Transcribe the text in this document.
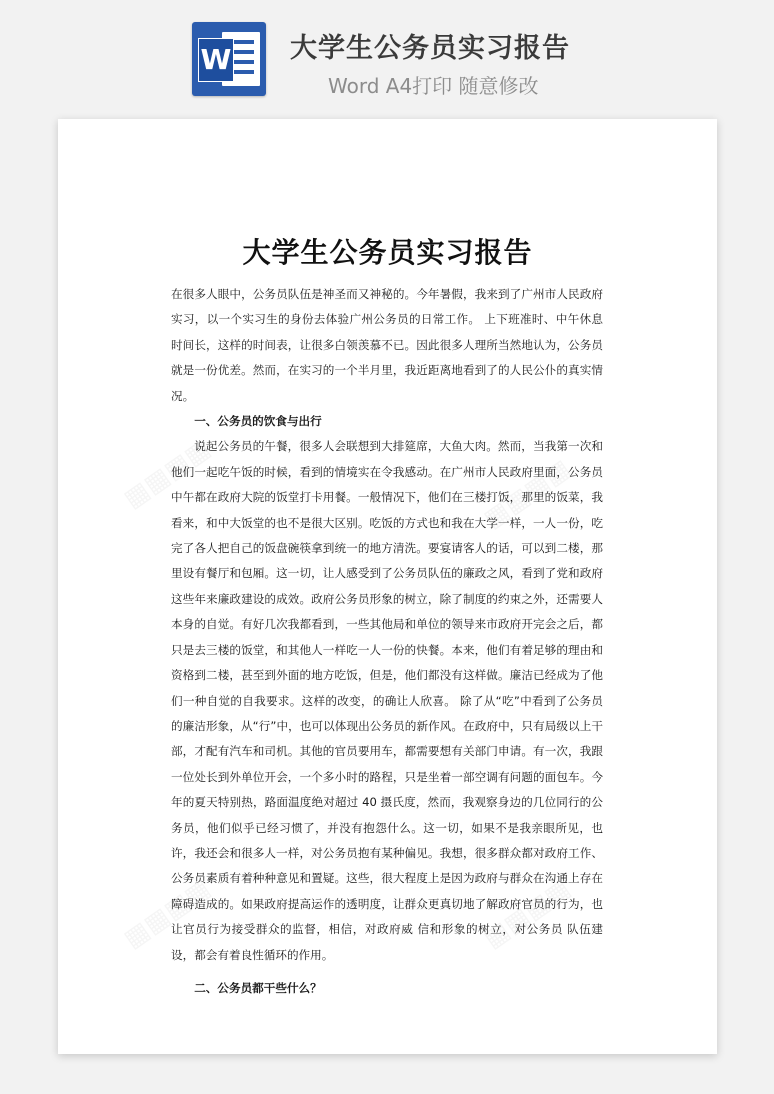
W 大学生公务员实习报告
Word A4打印 随意修改
大学生公务员实习报告

在很多人眼中，公务员队伍是神圣而又神秘的。今年暑假，我来到了广州市人民政府实习，以一个实习生的身份去体验广州公务员的日常工作。 上下班准时、中午休息时间长，这样的时间表，让很多白领羡慕不已。因此很多人理所当然地认为，公务员就是一份优差。然而，在实习的一个半月里，我近距离地看到了的人民公仆的真实情况。

一、公务员的饮食与出行

说起公务员的午餐，很多人会联想到大排筵席，大鱼大肉。然而，当我第一次和他们一起吃午饭的时候，看到的情境实在令我感动。在广州市人民政府里面，公务员中午都在政府大院的饭堂打卡用餐。一般情况下，他们在三楼打饭，那里的饭菜，我看来，和中大饭堂的也不是很大区别。吃饭的方式也和我在大学一样，一人一份，吃完了各人把自己的饭盘碗筷拿到统一的地方清洗。要宴请客人的话，可以到二楼，那里设有餐厅和包厢。这一切，让人感受到了公务员队伍的廉政之风，看到了党和政府这些年来廉政建设的成效。政府公务员形象的树立，除了制度的约束之外，还需要人本身的自觉。有好几次我都看到，一些其他局和单位的领导来市政府开完会之后，都只是去三楼的饭堂，和其他人一样吃一人一份的快餐。本来，他们有着足够的理由和资格到二楼，甚至到外面的地方吃饭，但是，他们都没有这样做。廉洁已经成为了他们一种自觉的自我要求。这样的改变，的确让人欣喜。 除了从“吃”中看到了公务员的廉洁形象，从“行”中，也可以体现出公务员的新作风。在政府中，只有局级以上干部，才配有汽车和司机。其他的官员要用车，都需要想有关部门申请。有一次，我跟一位处长到外单位开会，一个多小时的路程，只是坐着一部空调有问题的面包车。今年的夏天特别热，路面温度绝对超过 40 摄氏度，然而，我观察身边的几位同行的公务员，他们似乎已经习惯了，并没有抱怨什么。这一切，如果不是我亲眼所见，也许，我还会和很多人一样，对公务员抱有某种偏见。我想，很多群众都对政府工作、公务员素质有着种种意见和置疑。这些，很大程度上是因为政府与群众在沟通上存在障碍造成的。如果政府提高运作的透明度，让群众更真切地了解政府官员的行为，也让官员行为接受群众的监督，相信，对政府威 信和形象的树立，对公务员 队伍建设，都会有着良性循环的作用。

二、公务员都干些什么？
